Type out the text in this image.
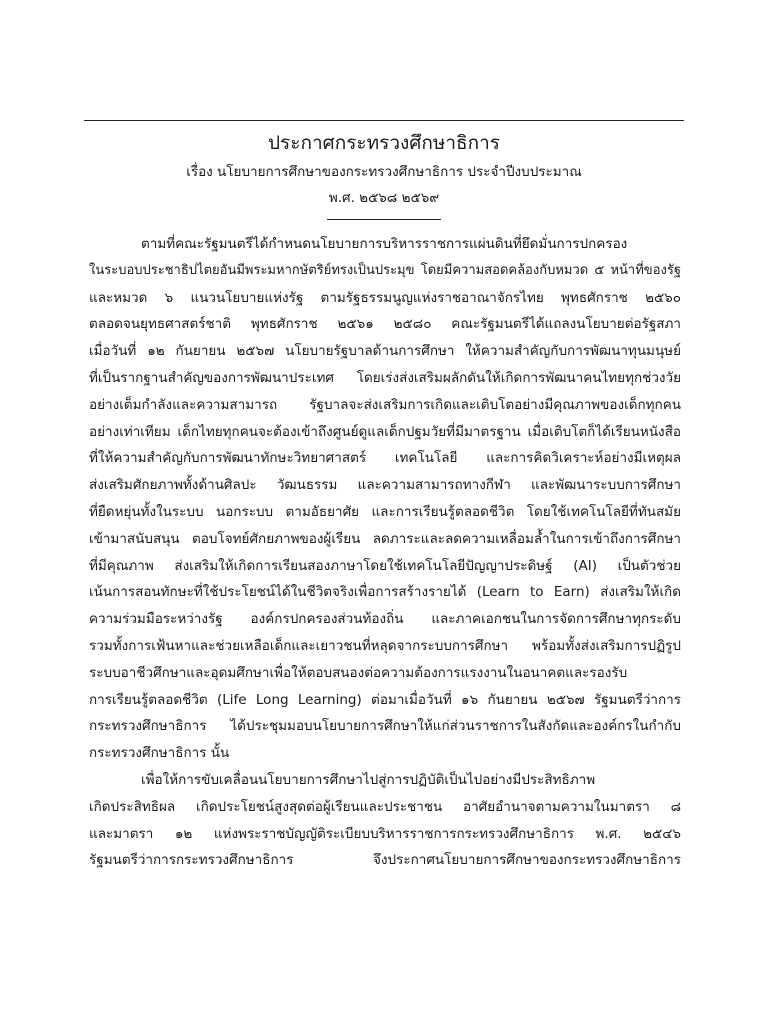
ประกาศกระทรวงศึกษาธิการ
เรื่อง นโยบายการศึกษาของกระทรวงศึกษาธิการ ประจำปีงบประมาณ
พ.ศ. ๒๕๖๘ ๒๕๖๙
ตามที่คณะรัฐมนตรีได้กำหนดนโยบายการบริหารราชการแผ่นดินที่ยึดมั่นการปกครอง
ในระบอบประชาธิปไตยอันมีพระมหากษัตริย์ทรงเป็นประมุข โดยมีความสอดคล้องกับหมวด ๕ หน้าที่ของรัฐ
และหมวด ๖ แนวนโยบายแห่งรัฐ ตามรัฐธรรมนูญแห่งราชอาณาจักรไทย พุทธศักราช ๒๕๖๐
ตลอดจนยุทธศาสตร์ชาติ พุทธศักราช ๒๕๖๑ ๒๕๘๐ คณะรัฐมนตรีได้แถลงนโยบายต่อรัฐสภา
เมื่อวันที่ ๑๒ กันยายน ๒๕๖๗ นโยบายรัฐบาลด้านการศึกษา ให้ความสำคัญกับการพัฒนาทุนมนุษย์
ที่เป็นรากฐานสำคัญของการพัฒนาประเทศ โดยเร่งส่งเสริมผลักดันให้เกิดการพัฒนาคนไทยทุกช่วงวัย
อย่างเต็มกำลังและความสามารถ รัฐบาลจะส่งเสริมการเกิดและเติบโตอย่างมีคุณภาพของเด็กทุกคน
อย่างเท่าเทียม เด็กไทยทุกคนจะต้องเข้าถึงศูนย์ดูแลเด็กปฐมวัยที่มีมาตรฐาน เมื่อเติบโตก็ได้เรียนหนังสือ
ที่ให้ความสำคัญกับการพัฒนาทักษะวิทยาศาสตร์ เทคโนโลยี และการคิดวิเคราะห์อย่างมีเหตุผล
ส่งเสริมศักยภาพทั้งด้านศิลปะ วัฒนธรรม และความสามารถทางกีฬา และพัฒนาระบบการศึกษา
ที่ยืดหยุ่นทั้งในระบบ นอกระบบ ตามอัธยาศัย และการเรียนรู้ตลอดชีวิต โดยใช้เทคโนโลยีที่ทันสมัย
เข้ามาสนับสนุน ตอบโจทย์ศักยภาพของผู้เรียน ลดภาระและลดความเหลื่อมล้ำในการเข้าถึงการศึกษา
ที่มีคุณภาพ ส่งเสริมให้เกิดการเรียนสองภาษาโดยใช้เทคโนโลยีปัญญาประดิษฐ์ (AI) เป็นตัวช่วย
เน้นการสอนทักษะที่ใช้ประโยชน์ได้ในชีวิตจริงเพื่อการสร้างรายได้ (Learn to Earn) ส่งเสริมให้เกิด
ความร่วมมือระหว่างรัฐ องค์กรปกครองส่วนท้องถิ่น และภาคเอกชนในการจัดการศึกษาทุกระดับ
รวมทั้งการเฟ้นหาและช่วยเหลือเด็กและเยาวชนที่หลุดจากระบบการศึกษา พร้อมทั้งส่งเสริมการปฏิรูป
ระบบอาชีวศึกษาและอุดมศึกษาเพื่อให้ตอบสนองต่อความต้องการแรงงานในอนาคตและรองรับ
การเรียนรู้ตลอดชีวิต (Life Long Learning) ต่อมาเมื่อวันที่ ๑๖ กันยายน ๒๕๖๗ รัฐมนตรีว่าการ
กระทรวงศึกษาธิการ ได้ประชุมมอบนโยบายการศึกษาให้แก่ส่วนราชการในสังกัดและองค์กรในกำกับ
กระทรวงศึกษาธิการ นั้น
เพื่อให้การขับเคลื่อนนโยบายการศึกษาไปสู่การปฏิบัติเป็นไปอย่างมีประสิทธิภาพ
เกิดประสิทธิผล เกิดประโยชน์สูงสุดต่อผู้เรียนและประชาชน อาศัยอำนาจตามความในมาตรา ๘
และมาตรา ๑๒ แห่งพระราชบัญญัติระเบียบบริหารราชการกระทรวงศึกษาธิการ พ.ศ. ๒๕๔๖
รัฐมนตรีว่าการกระทรวงศึกษาธิการ จึงประกาศนโยบายการศึกษาของกระทรวงศึกษาธิการ
